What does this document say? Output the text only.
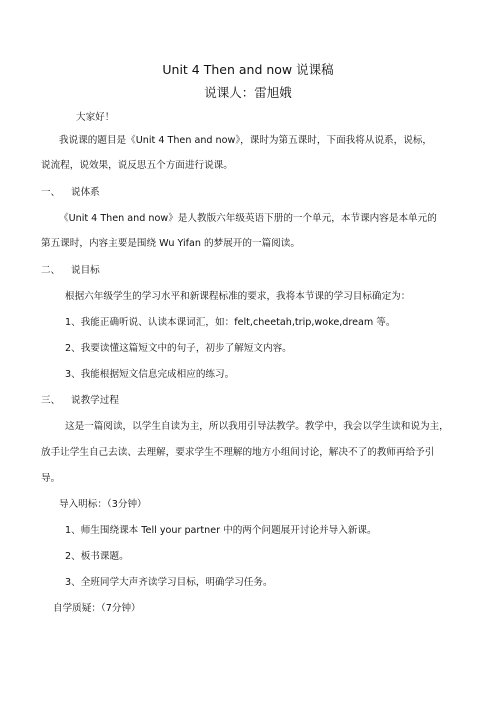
Unit 4 Then and now 说课稿
说课人：雷旭娥
大家好！
我说课的题目是《Unit 4 Then and now》，课时为第五课时，下面我将从说系，说标，
说流程，说效果，说反思五个方面进行说课。
一、 说体系
《Unit 4 Then and now》是人教版六年级英语下册的一个单元，本节课内容是本单元的
第五课时，内容主要是围绕 Wu Yifan 的梦展开的一篇阅读。
二、 说目标
根据六年级学生的学习水平和新课程标准的要求，我将本节课的学习目标确定为：
1、我能正确听说、认读本课词汇，如：felt,cheetah,trip,woke,dream 等。
2、我要读懂这篇短文中的句子，初步了解短文内容。
3、我能根据短文信息完成相应的练习。
三、 说教学过程
这是一篇阅读，以学生自读为主，所以我用引导法教学。教学中，我会以学生读和说为主，
放手让学生自己去读、去理解，要求学生不理解的地方小组间讨论，解决不了的教师再给予引
导。
导入明标：（3分钟）
1、师生围绕课本 Tell your partner 中的两个问题展开讨论并导入新课。
2、板书课题。
3、全班同学大声齐读学习目标，明确学习任务。
自学质疑：（7分钟）
